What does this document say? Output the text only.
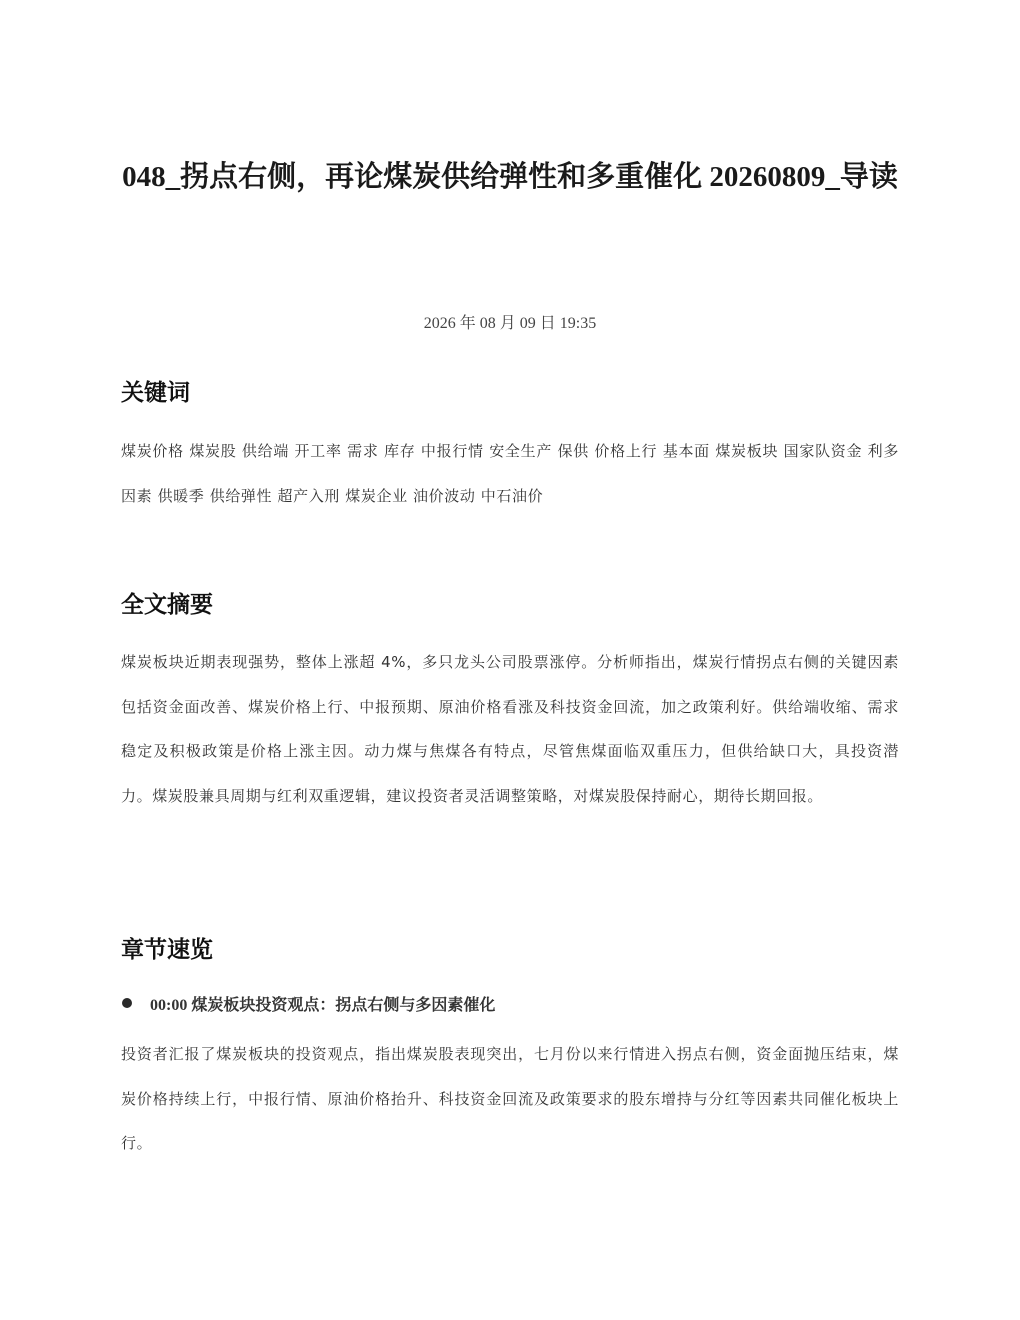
048_拐点右侧，再论煤炭供给弹性和多重催化 20260809_导读
2026 年 08 月 09 日 19:35
关键词

煤炭价格 煤炭股 供给端 开工率 需求 库存 中报行情 安全生产 保供 价格上行 基本面 煤炭板块 国家队资金 利多因素 供暖季 供给弹性 超产入刑 煤炭企业 油价波动 中石油价

全文摘要

煤炭板块近期表现强势，整体上涨超 4%，多只龙头公司股票涨停。分析师指出，煤炭行情拐点右侧的关键因素包括资金面改善、煤炭价格上行、中报预期、原油价格看涨及科技资金回流，加之政策利好。供给端收缩、需求稳定及积极政策是价格上涨主因。动力煤与焦煤各有特点，尽管焦煤面临双重压力，但供给缺口大，具投资潜力。煤炭股兼具周期与红利双重逻辑，建议投资者灵活调整策略，对煤炭股保持耐心，期待长期回报。

章节速览
00:00 煤炭板块投资观点：拐点右侧与多因素催化

投资者汇报了煤炭板块的投资观点，指出煤炭股表现突出，七月份以来行情进入拐点右侧，资金面抛压结束，煤炭价格持续上行，中报行情、原油价格抬升、科技资金回流及政策要求的股东增持与分红等因素共同催化板块上行。
